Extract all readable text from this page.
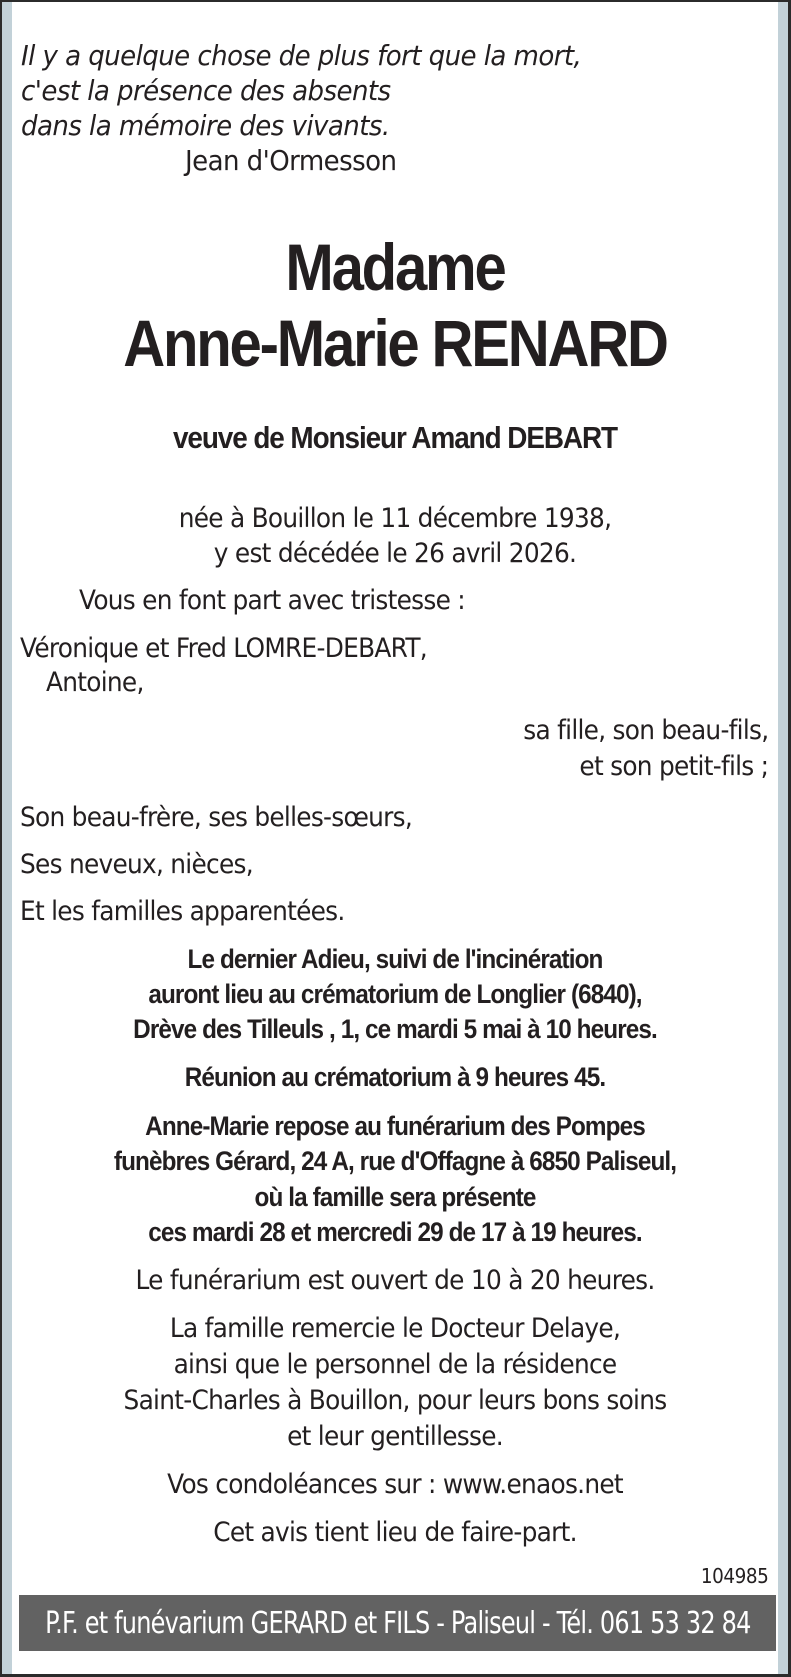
Il y a quelque chose de plus fort que la mort,
c'est la présence des absents
dans la mémoire des vivants.
Jean d'Ormesson
Madame
Anne-Marie RENARD
veuve de Monsieur Amand DEBART
née à Bouillon le 11 décembre 1938,
y est décédée le 26 avril 2026.
Vous en font part avec tristesse :
Véronique et Fred LOMRE-DEBART,
Antoine,
sa fille, son beau-fils,
et son petit-fils ;
Son beau-frère, ses belles-sœurs,
Ses neveux, nièces,
Et les familles apparentées.
Le dernier Adieu, suivi de l'incinération
auront lieu au crématorium de Longlier (6840),
Drève des Tilleuls , 1, ce mardi 5 mai à 10 heures.
Réunion au crématorium à 9 heures 45.
Anne-Marie repose au funérarium des Pompes
funèbres Gérard, 24 A, rue d'Offagne à 6850 Paliseul,
où la famille sera présente
ces mardi 28 et mercredi 29 de 17 à 19 heures.
Le funérarium est ouvert de 10 à 20 heures.
La famille remercie le Docteur Delaye,
ainsi que le personnel de la résidence
Saint-Charles à Bouillon, pour leurs bons soins
et leur gentillesse.
Vos condoléances sur : www.enaos.net
Cet avis tient lieu de faire-part.
104985
P.F. et funévarium GERARD et FILS - Paliseul - Tél. 061 53 32 84
